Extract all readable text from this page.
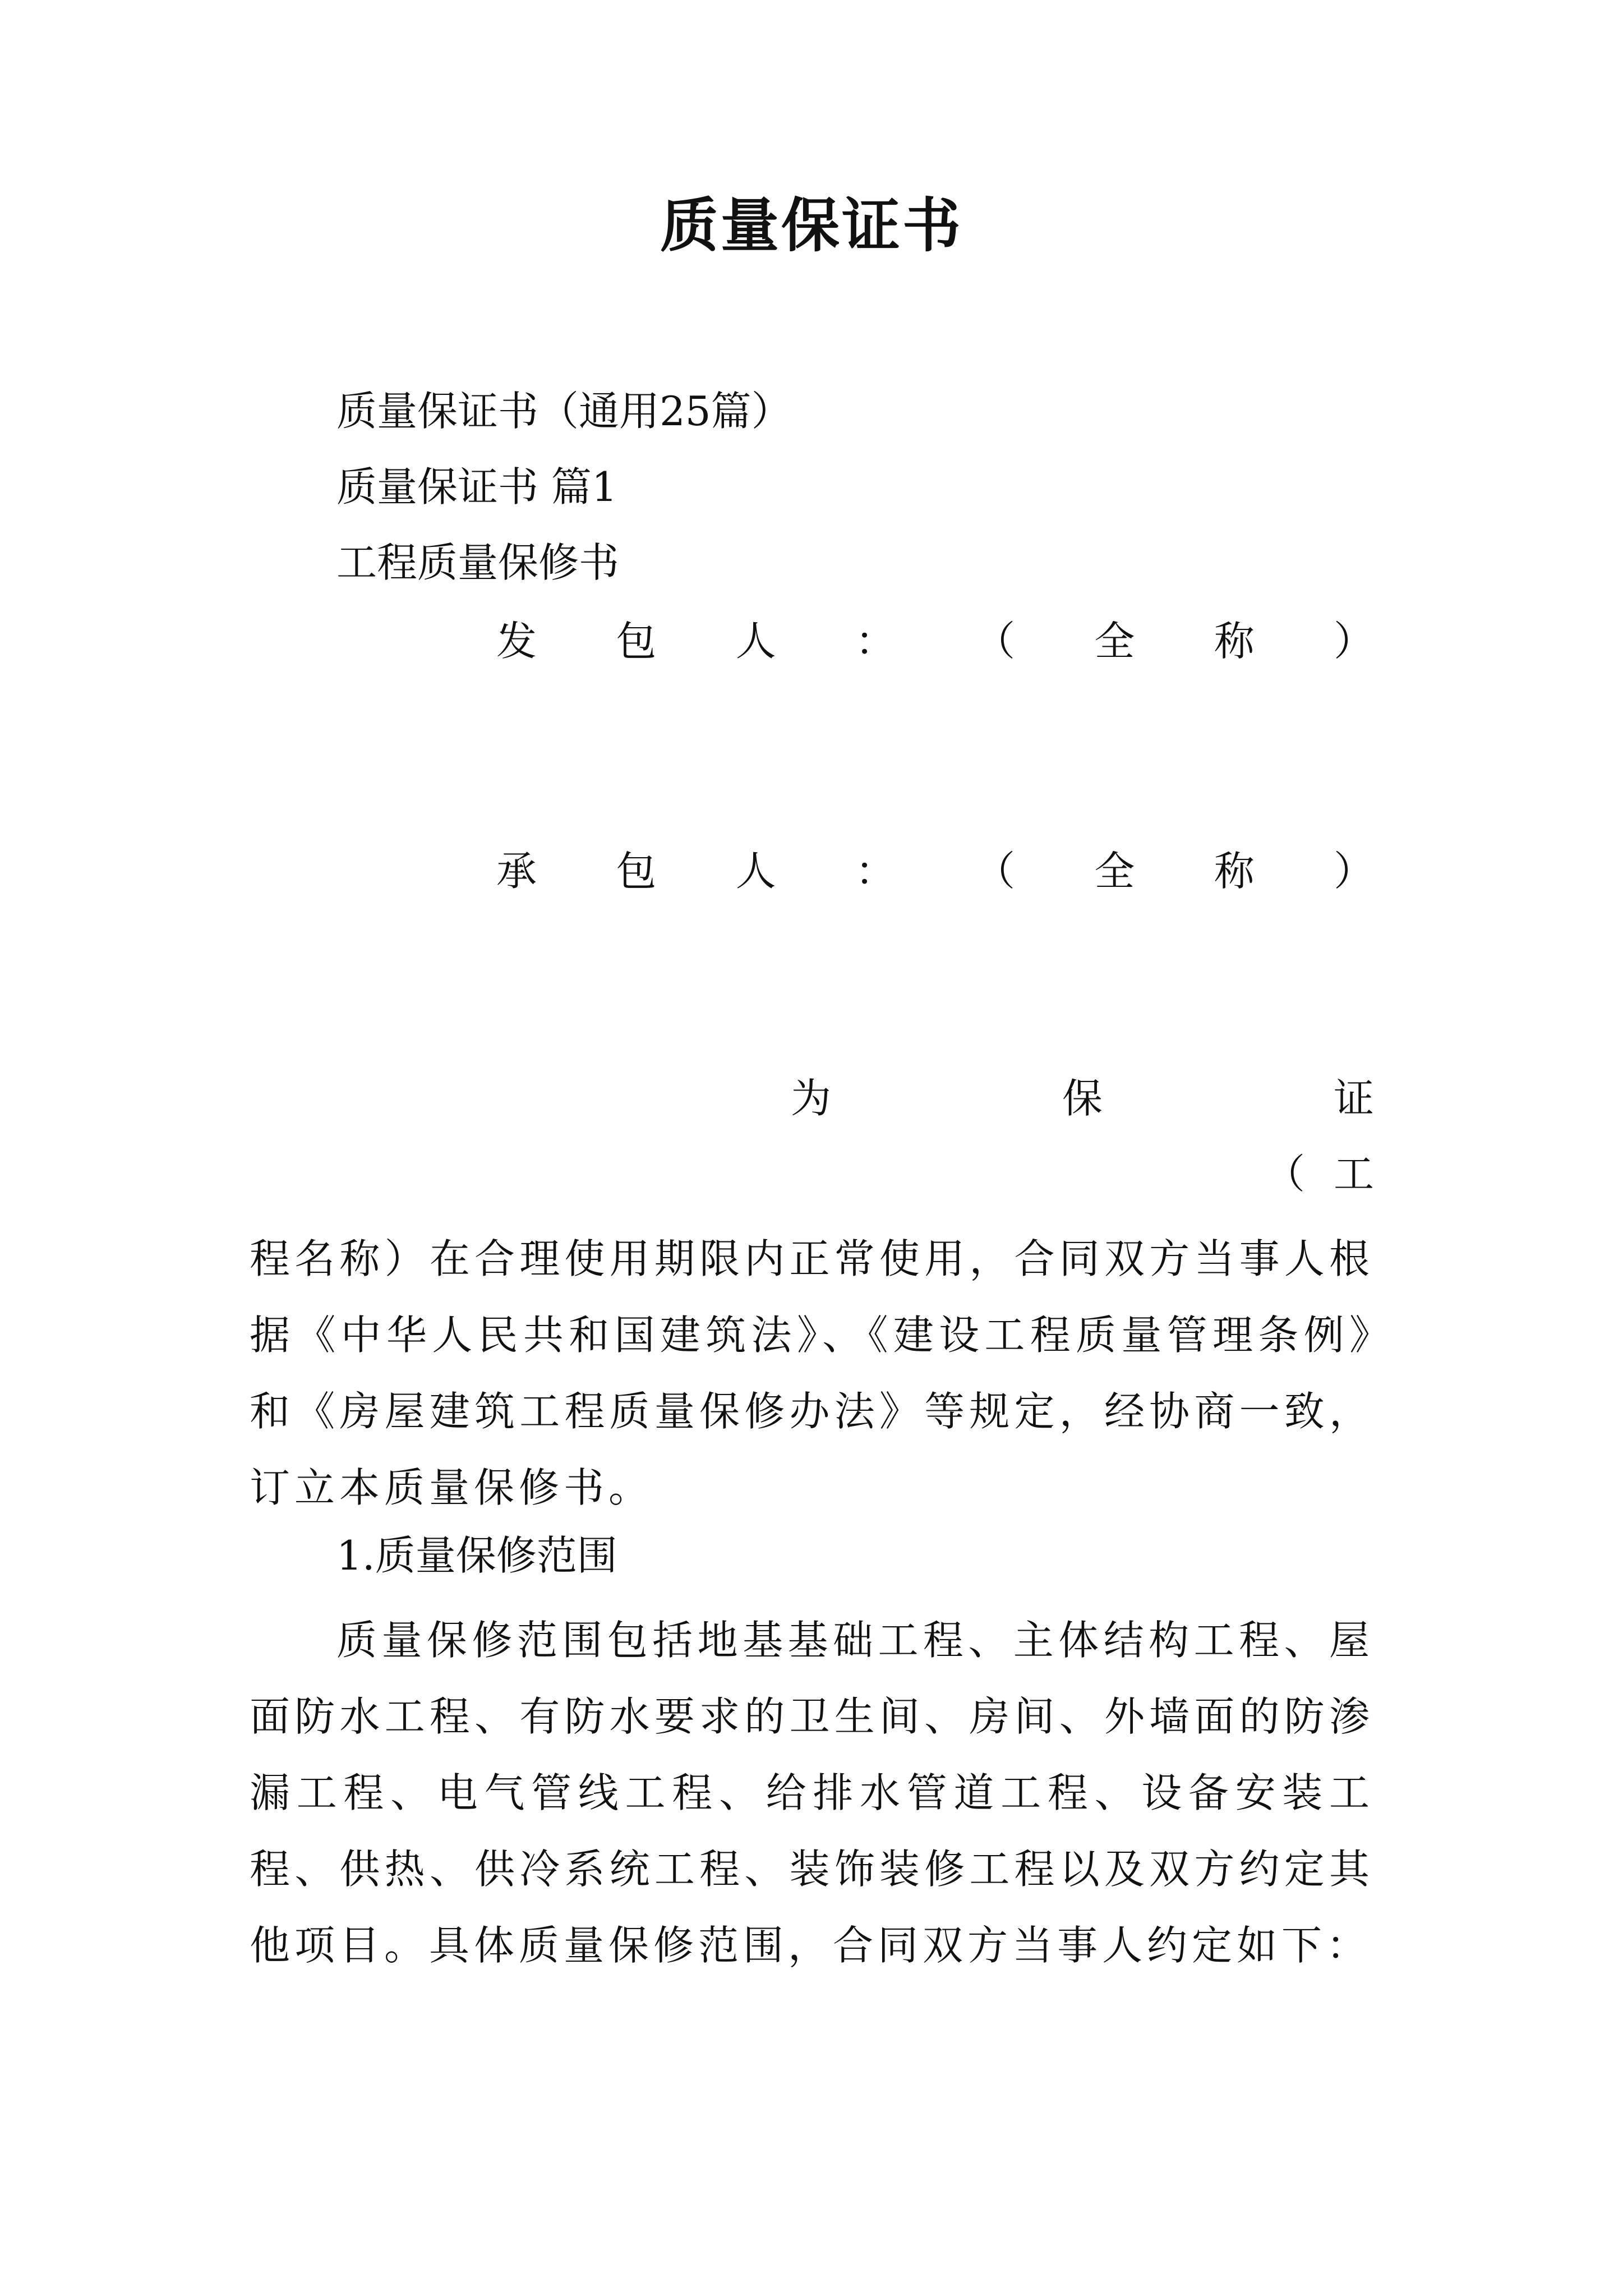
质量保证书
质量保证书（通用25篇）
质量保证书 篇1
工程质量保修书
发 包 人 ： （ 全 称 ）
承 包 人 ： （ 全 称 ）
为	保	证
（ 工

程名称）在合理使用期限内正常使用，合同双方当事人根据《中华人民共和国建筑法》、《建设工程质量管理条例》和《房屋建筑工程质量保修办法》等规定，经协商一致，订立本质量保修书。

1.质量保修范围

质量保修范围包括地基基础工程、主体结构工程、屋面防水工程、有防水要求的卫生间、房间、外墙面的防渗漏工程、电气管线工程、给排水管道工程、设备安装工程、供热、供冷系统工程、装饰装修工程以及双方约定其他项目。具体质量保修范围，合同双方当事人约定如下：
